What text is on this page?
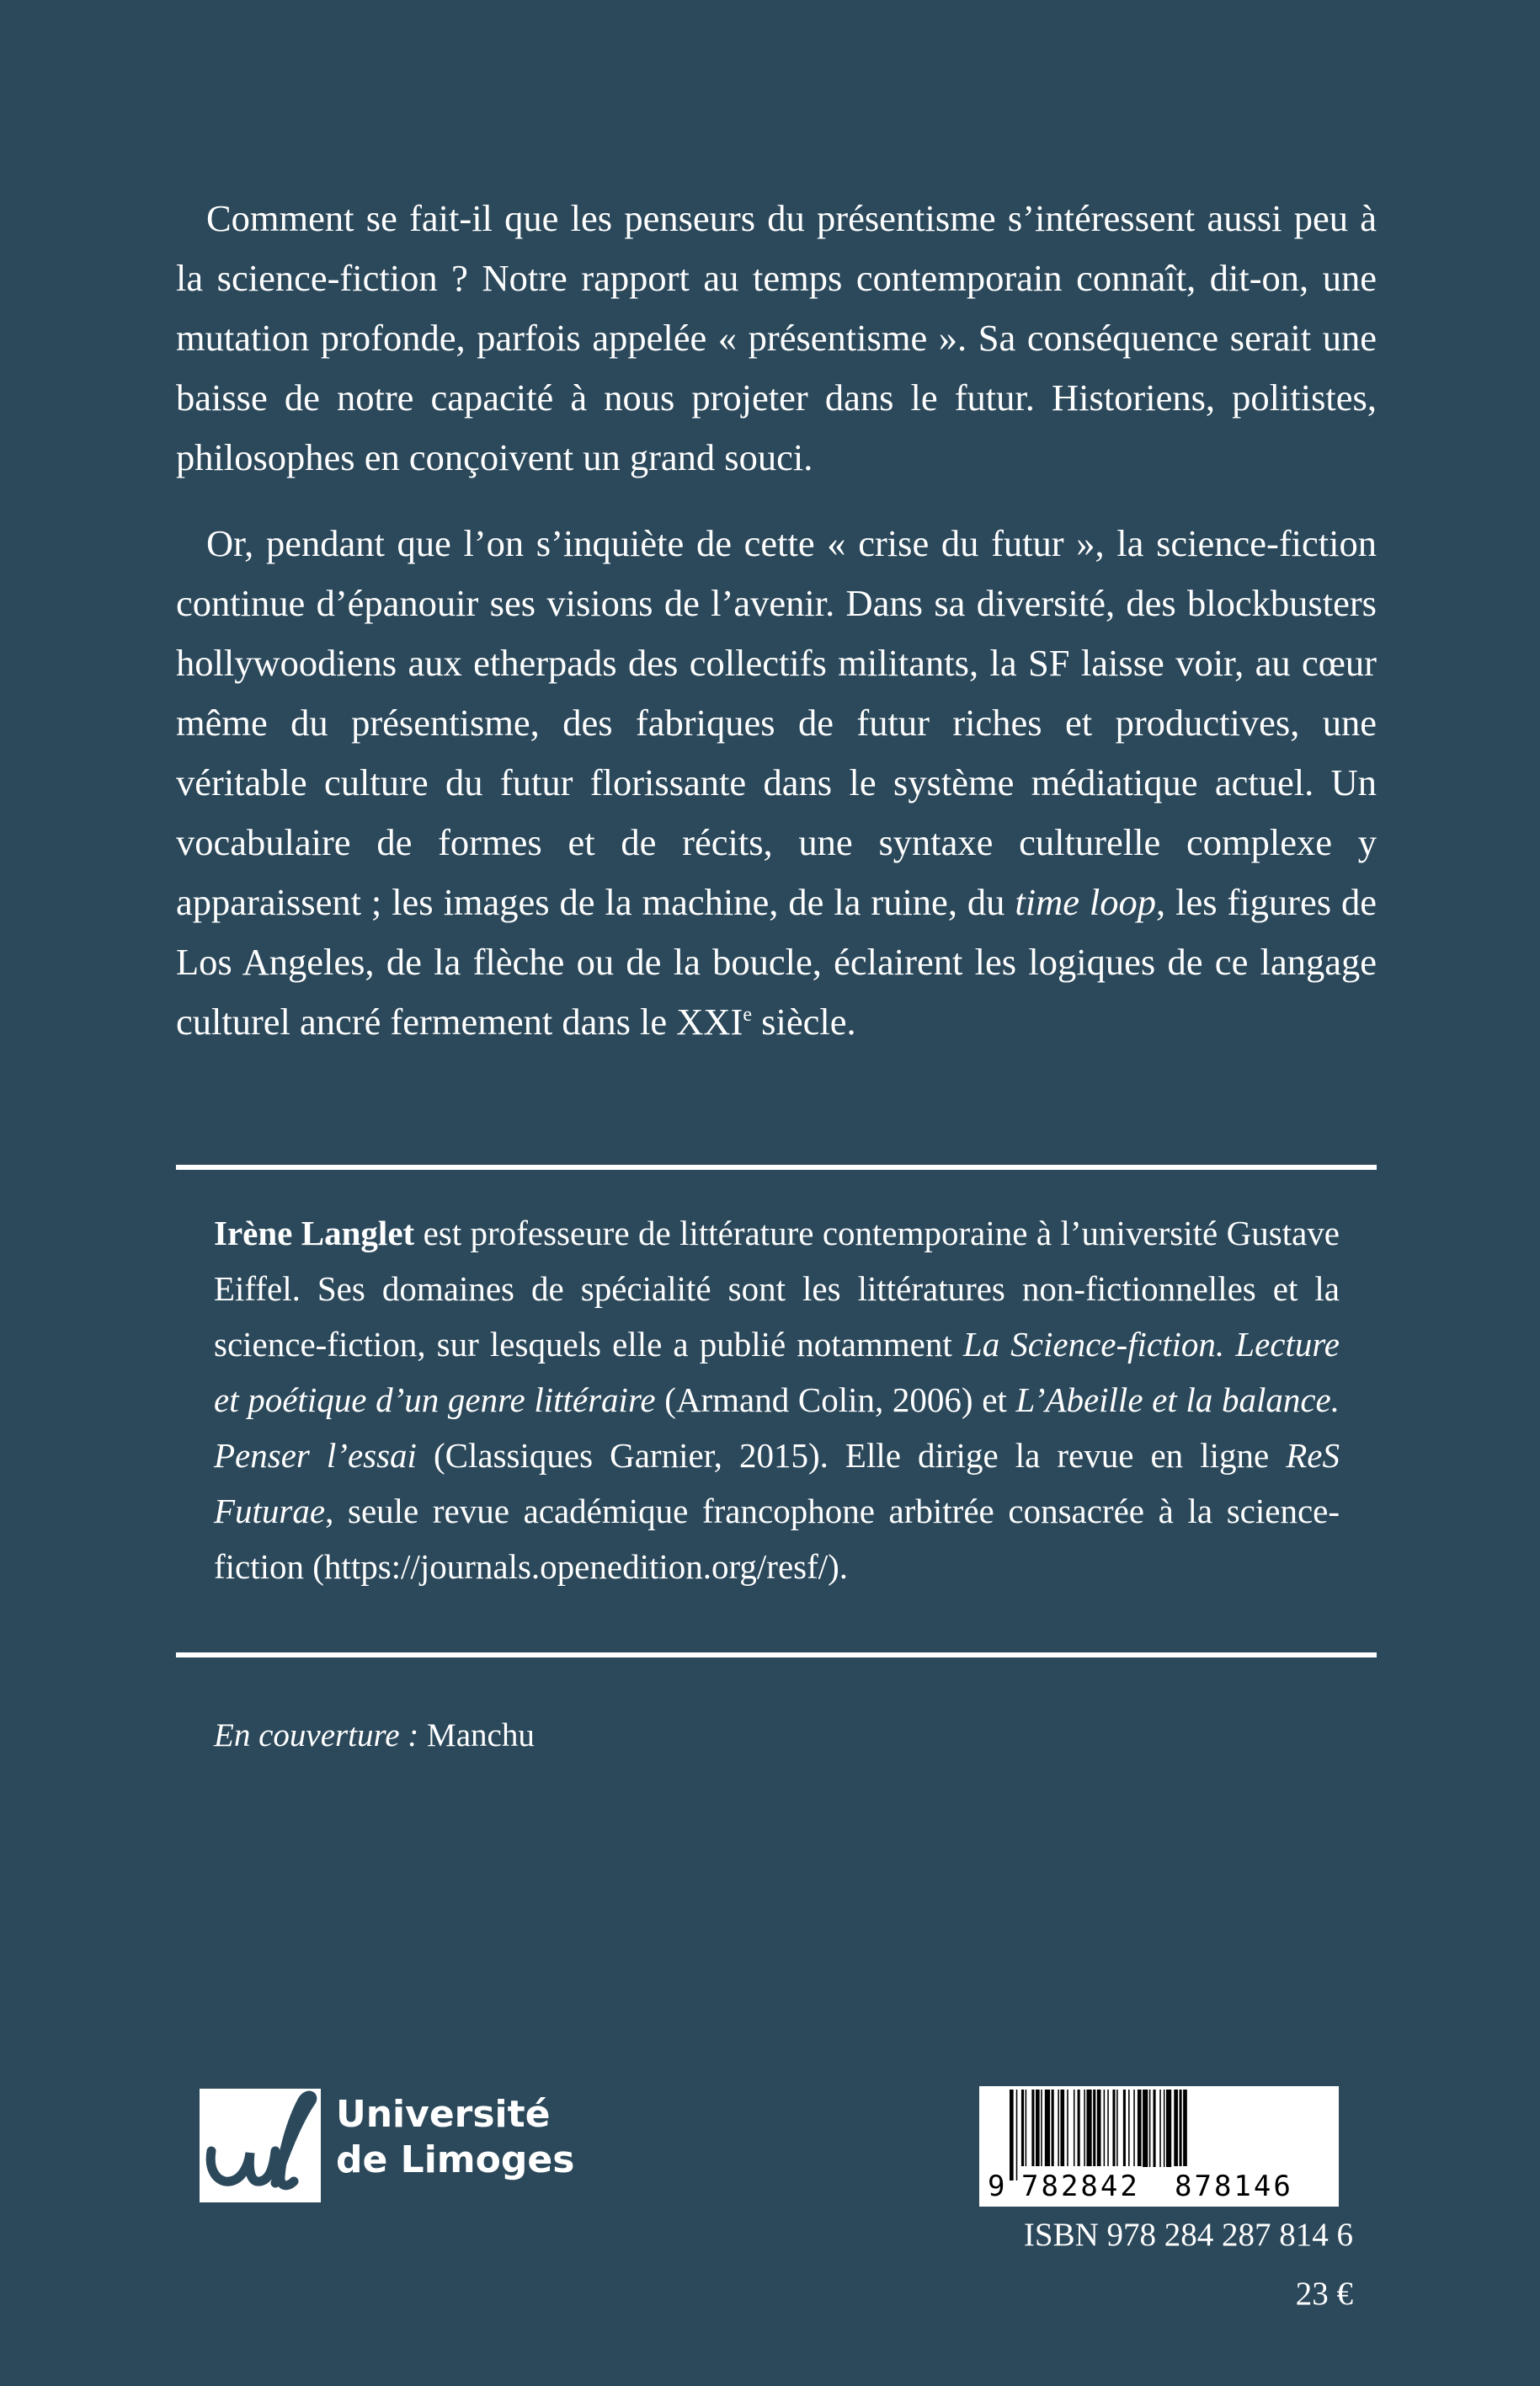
Comment se fait-il que les penseurs du présentisme s’intéressent aussi peu à la science-fiction ? Notre rapport au temps contemporain connaît, dit-on, une mutation profonde, parfois appelée « présentisme ». Sa conséquence serait une baisse de notre capacité à nous projeter dans le futur. Historiens, politistes, philosophes en conçoivent un grand souci.

Or, pendant que l’on s’inquiète de cette « crise du futur », la science-fiction continue d’épanouir ses visions de l’avenir. Dans sa diversité, des blockbusters hollywoodiens aux etherpads des collectifs militants, la SF laisse voir, au cœur même du présentisme, des fabriques de futur riches et productives, une véritable culture du futur florissante dans le système médiatique actuel. Un vocabulaire de formes et de récits, une syntaxe culturelle complexe y apparaissent ; les images de la machine, de la ruine, du time loop, les figures de Los Angeles, de la flèche ou de la boucle, éclairent les logiques de ce langage culturel ancré fermement dans le XXIe siècle.

Irène Langlet est professeure de littérature contemporaine à l’université Gustave Eiffel. Ses domaines de spécialité sont les littératures non-fictionnelles et la science-fiction, sur lesquels elle a publié notamment La Science-fiction. Lecture et poétique d’un genre littéraire (Armand Colin, 2006) et L’Abeille et la balance. Penser l’essai (Classiques Garnier, 2015). Elle dirige la revue en ligne ReS Futurae, seule revue académique francophone arbitrée consacrée à la science-fiction (https://journals.openedition.org/resf/).

En couverture : Manchu
Université
de Limoges
9 782842 878146
ISBN 978 284 287 814 6
23 €
